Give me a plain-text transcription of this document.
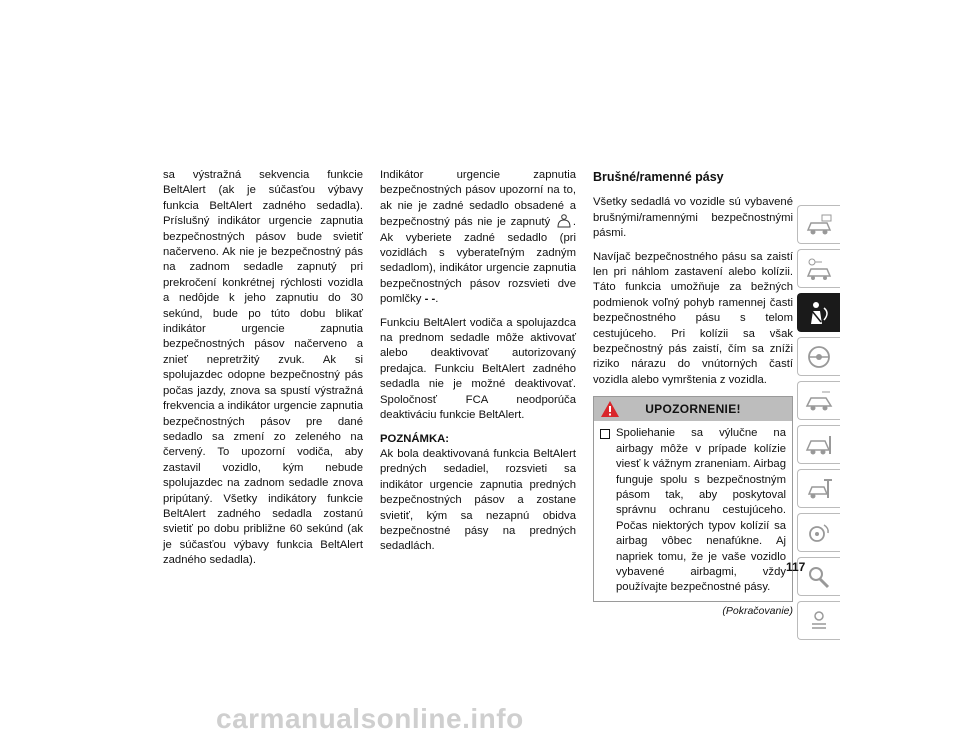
sa výstražná sekvencia funkcie BeltAlert (ak je súčasťou výbavy funkcia BeltAlert zadného sedadla). Príslušný indikátor urgencie zapnutia bezpečnostných pásov bude svietiť načerveno. Ak nie je bezpečnostný pás na zadnom sedadle zapnutý pri prekročení konkrétnej rýchlosti vozidla a nedôjde k jeho zapnutiu do 30 sekúnd, bude po túto dobu blikať indikátor urgencie zapnutia bezpečnostných pásov načerveno a znieť nepretržitý zvuk. Ak si spolujazdec odopne bezpečnostný pás počas jazdy, znova sa spustí výstražná frekvencia a indikátor urgencie zapnutia bezpečnostných pásov pre dané sedadlo sa zmení zo zeleného na červený. To upozorní vodiča, aby zastavil vozidlo, kým nebude spolujazdec na zadnom sedadle znova pripútaný. Všetky indikátory funkcie BeltAlert zadného sedadla zostanú svietiť po dobu približne 60 sekúnd (ak je súčasťou výbavy funkcia BeltAlert zadného sedadla).

Indikátor urgencie zapnutia bezpečnostných pásov upozorní na to, ak nie je zadné sedadlo obsadené a bezpečnostný pás nie je zapnutý . Ak vyberiete zadné sedadlo (pri vozidlách s vyberateľným zadným sedadlom), indikátor urgencie zapnutia bezpečnostných pásov rozsvieti dve pomlčky - -.

Funkciu BeltAlert vodiča a spolujazdca na prednom sedadle môže aktivovať alebo deaktivovať autorizovaný predajca. Funkciu BeltAlert zadného sedadla nie je možné deaktivovať. Spoločnosť FCA neodporúča deaktiváciu funkcie BeltAlert.

POZNÁMKA:

Ak bola deaktivovaná funkcia BeltAlert predných sedadiel, rozsvieti sa indikátor urgencie zapnutia predných bezpečnostných pásov a zostane svietiť, kým sa nezapnú obidva bezpečnostné pásy na predných sedadlách.

Brušné/ramenné pásy

Všetky sedadlá vo vozidle sú vybavené brušnými/ramennými bezpečnostnými pásmi.

Navíjač bezpečnostného pásu sa zaistí len pri náhlom zastavení alebo kolízii. Táto funkcia umožňuje za bežných podmienok voľný pohyb ramennej časti bezpečnostného pásu s telom cestujúceho. Pri kolízii sa však bezpečnostný pás zaistí, čím sa zníži riziko nárazu do vnútorných častí vozidla alebo vymrštenia z vozidla.

UPOZORNENIE!
Spoliehanie sa výlučne na airbagy môže v prípade kolízie viesť k vážnym zraneniam. Airbag funguje spolu s bezpečnostným pásom tak, aby poskytoval správnu ochranu cestujúceho. Počas niektorých typov kolízií sa airbag vôbec nenafúkne. Aj napriek tomu, že je vaše vozidlo vybavené airbagmi, vždy používajte bezpečnostné pásy.
(Pokračovanie)
117
carmanualsonline.info
